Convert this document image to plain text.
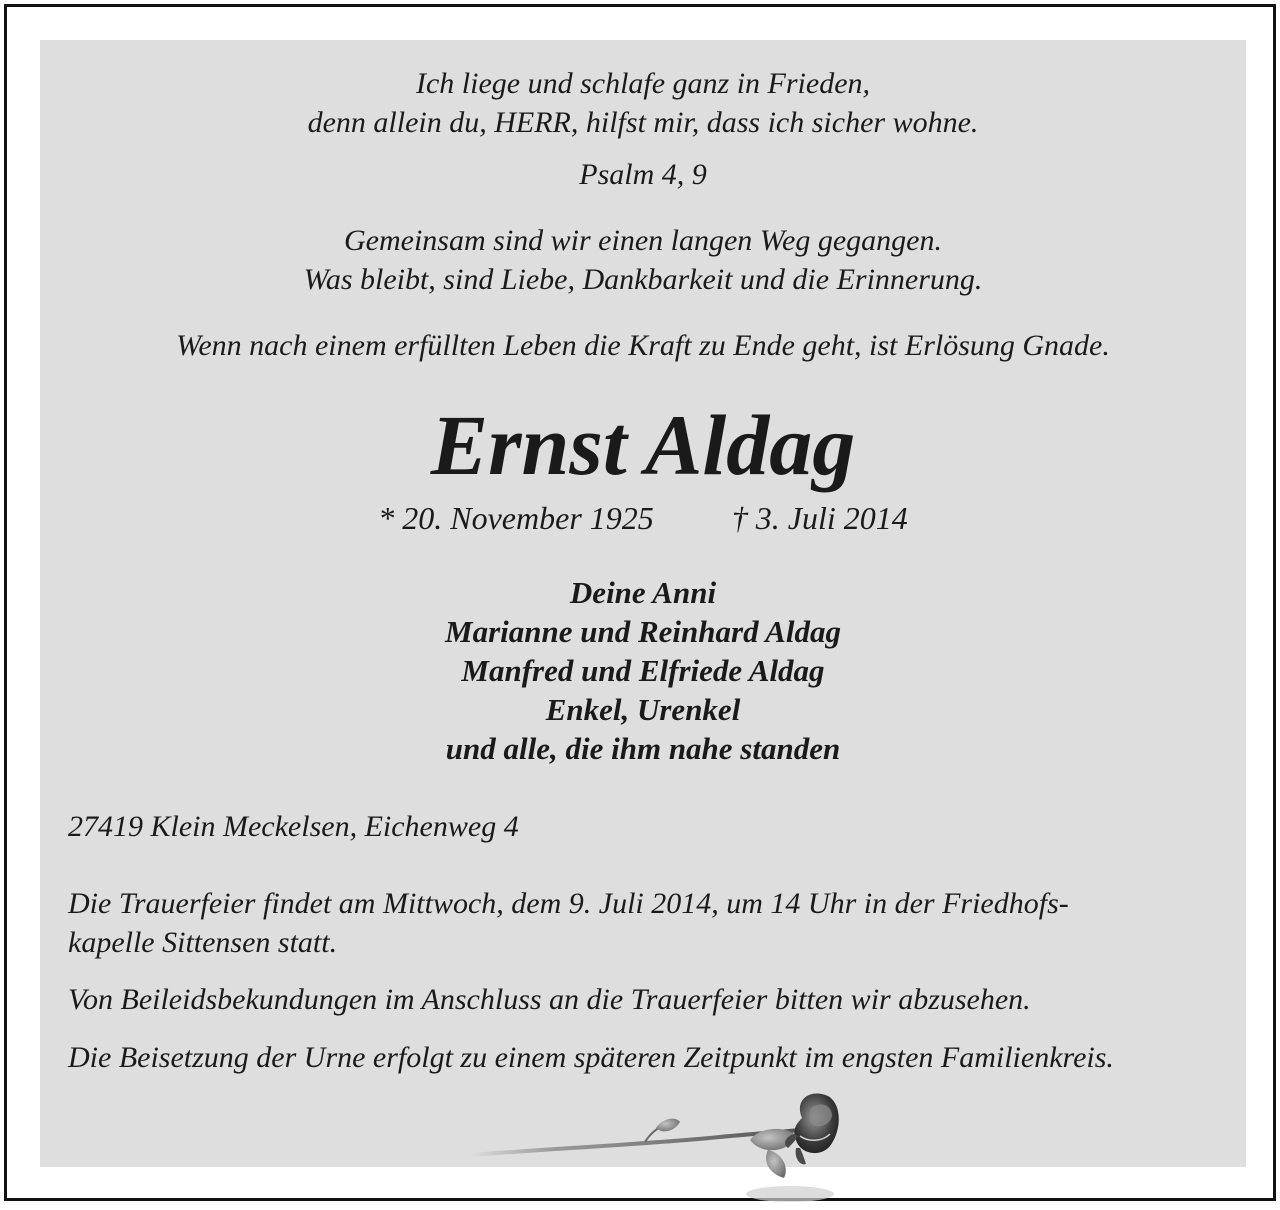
Ich liege und schlafe ganz in Frieden,
denn allein du, HERR, hilfst mir, dass ich sicher wohne.
Psalm 4, 9
Gemeinsam sind wir einen langen Weg gegangen.
Was bleibt, sind Liebe, Dankbarkeit und die Erinnerung.
Wenn nach einem erfüllten Leben die Kraft zu Ende geht, ist Erlösung Gnade.
Ernst Aldag
* 20. November 1925 † 3. Juli 2014
Deine Anni
Marianne und Reinhard Aldag
Manfred und Elfriede Aldag
Enkel, Urenkel
und alle, die ihm nahe standen
27419 Klein Meckelsen, Eichenweg 4
Die Trauerfeier findet am Mittwoch, dem 9. Juli 2014, um 14 Uhr in der Friedhofs-
kapelle Sittensen statt.
Von Beileidsbekundungen im Anschluss an die Trauerfeier bitten wir abzusehen.
Die Beisetzung der Urne erfolgt zu einem späteren Zeitpunkt im engsten Familienkreis.
